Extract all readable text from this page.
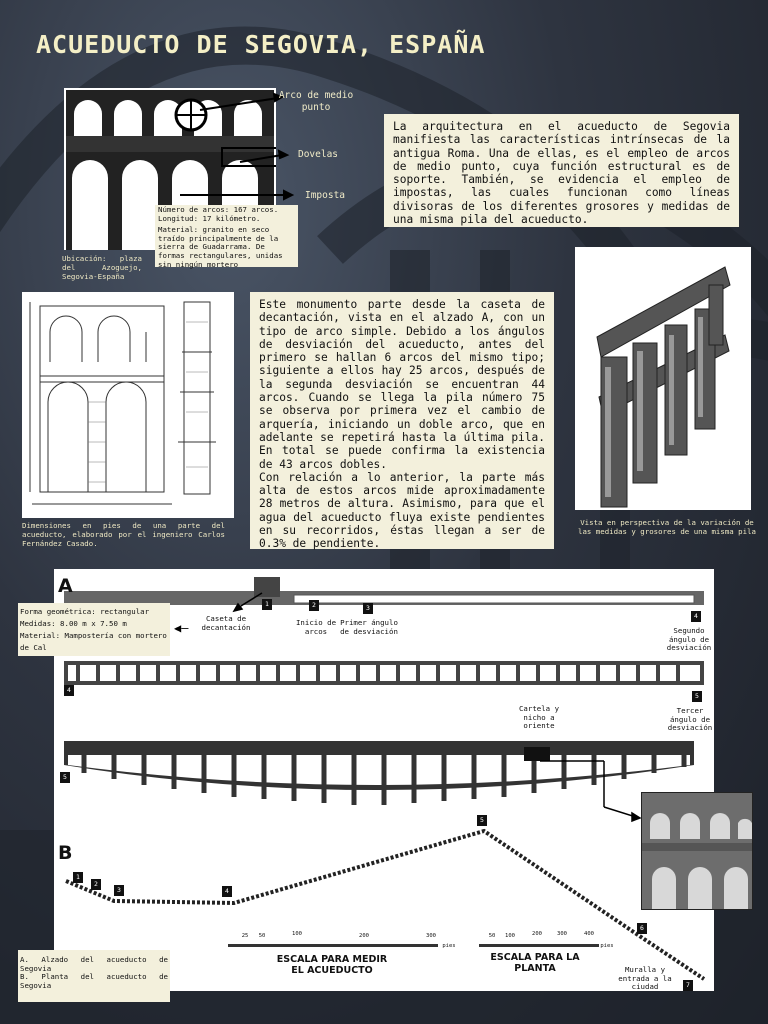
ACUEDUCTO DE SEGOVIA, ESPAÑA
Arco de medio punto
Dovelas
Imposta
Número de arcos: 167 arcos. Longitud: 17 kilómetro.
Material: granito en seco traído principalmente de la sierra de Guadarrama. De formas rectangulares, unidas sin ningún mortero
Ubicación: plaza del Azoguejo, Segovia-España
La arquitectura en el acueducto de Segovia manifiesta las características intrínsecas de la antigua Roma. Una de ellas, es el empleo de arcos de medio punto, cuya función estructural es de soporte. También, se evidencia el empleo de impostas, las cuales funcionan como líneas divisoras de los diferentes grosores y medidas de una misma pila del acueducto.
Dimensiones en pies de una parte del acueducto, elaborado por el ingeniero Carlos Fernández Casado.
Este monumento parte desde la caseta de decantación, vista en el alzado A, con un tipo de arco simple. Debido a los ángulos de desviación del acueducto, antes del primero se hallan 6 arcos del mismo tipo; siguiente a ellos hay 25 arcos, después de la segunda desviación se encuentran 44 arcos. Cuando se llega la pila número 75 se observa por primera vez el cambio de arquería, iniciando un doble arco, que en adelante se repetirá hasta la última pila. En total se puede confirma la existencia de 43 arcos dobles.
Con relación a lo anterior, la parte más alta de estos arcos mide aproximadamente 28 metros de altura. Asimismo, para que el agua del acueducto fluya existe pendientes en su recorridos, éstas llegan a ser de 0.3% de pendiente.
Vista en perspectiva de la variación de las medidas y grosores de una misma pila
A
B
Forma geométrica: rectangular
Medidas: 8.00 m x 7.50 m
Material: Mampostería con mortero de Cal
◀—
Caseta de decantación	Inicio de arcos
Primer ángulo de desviación	Segundo ángulo de desviación
Tercer ángulo de desviación
Cartela y nicho a oriente
Muralla y entrada a la ciudad
1	2	3
4
4
5
5
1
2
3	4
5
6
7
25	50	100	200	300
pies
50	100	200	300	400
pies
ESCALA PARA MEDIR EL ACUEDUCTO
ESCALA PARA LA PLANTA
A. Alzado del acueducto de Segovia
B. Planta del acueducto de Segovia
